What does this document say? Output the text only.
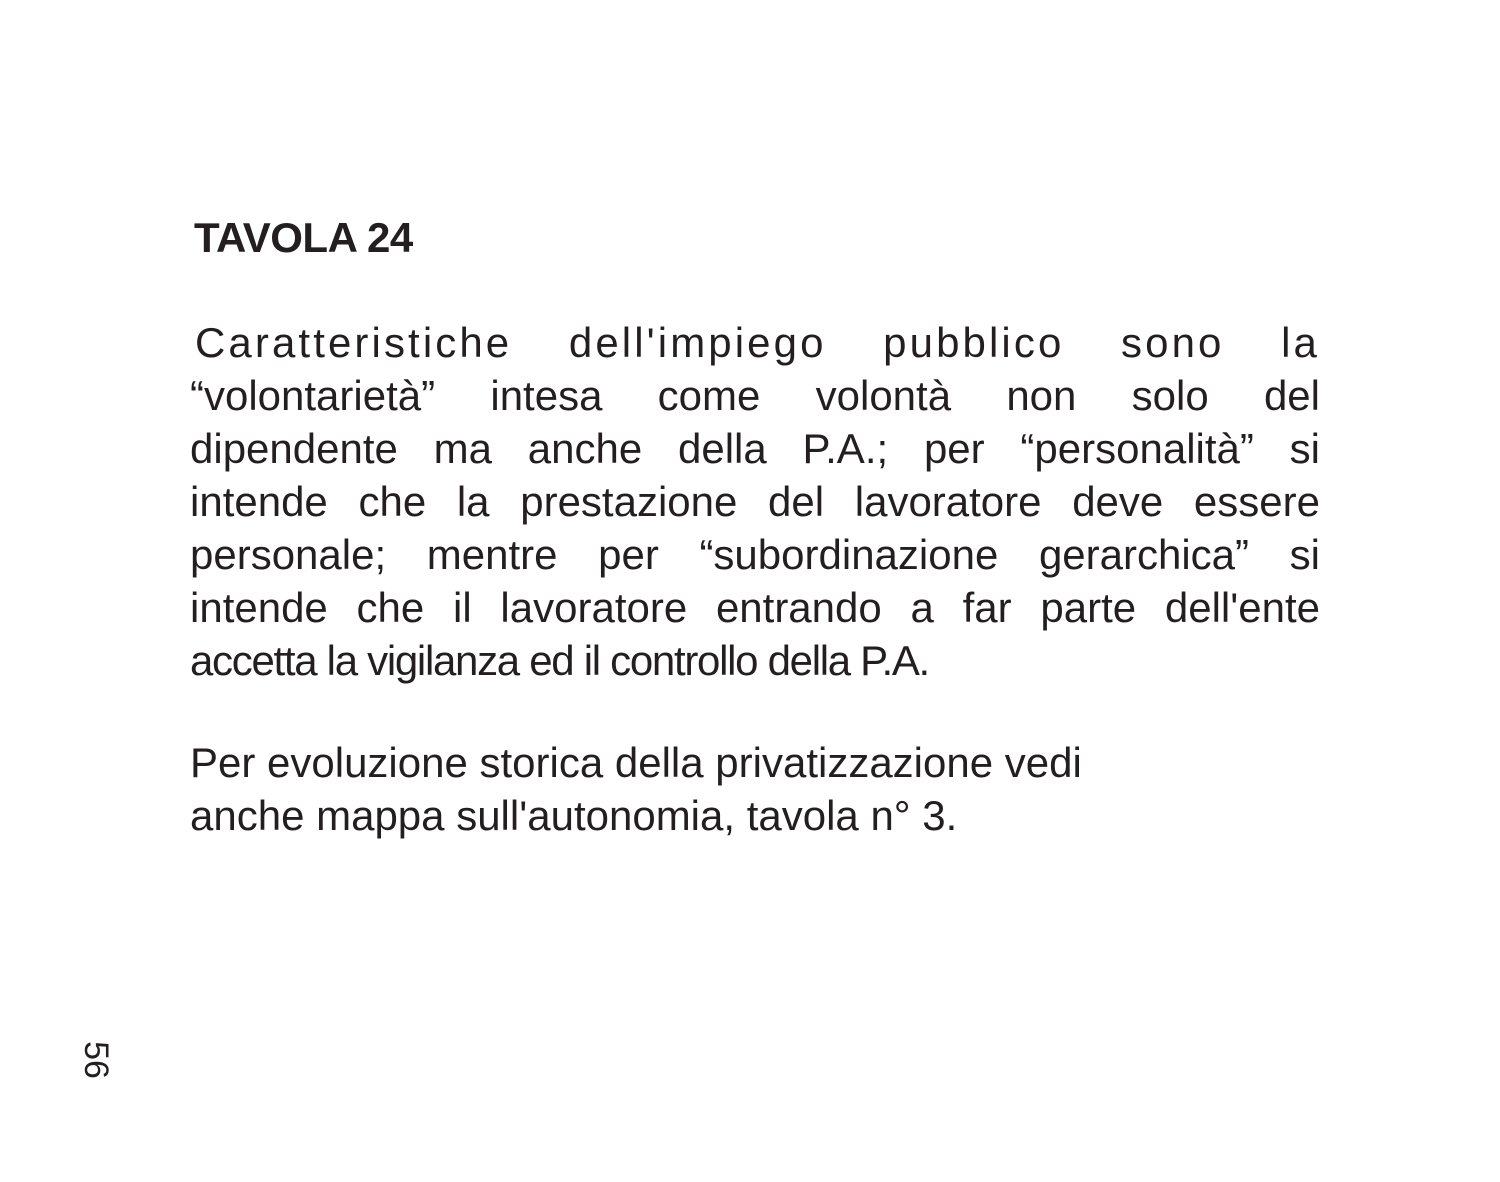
TAVOLA 24

Caratteristiche dell'impiego pubblico sono la
“volontarietà” intesa come volontà non solo del
dipendente ma anche della P.A.; per “personalità” si
intende che la prestazione del lavoratore deve essere
personale; mentre per “subordinazione gerarchica” si
intende che il lavoratore entrando a far parte dell'ente
accetta la vigilanza ed il controllo della P.A.

Per evoluzione storica della privatizzazione vedi
anche mappa sull'autonomia, tavola n° 3.

56
